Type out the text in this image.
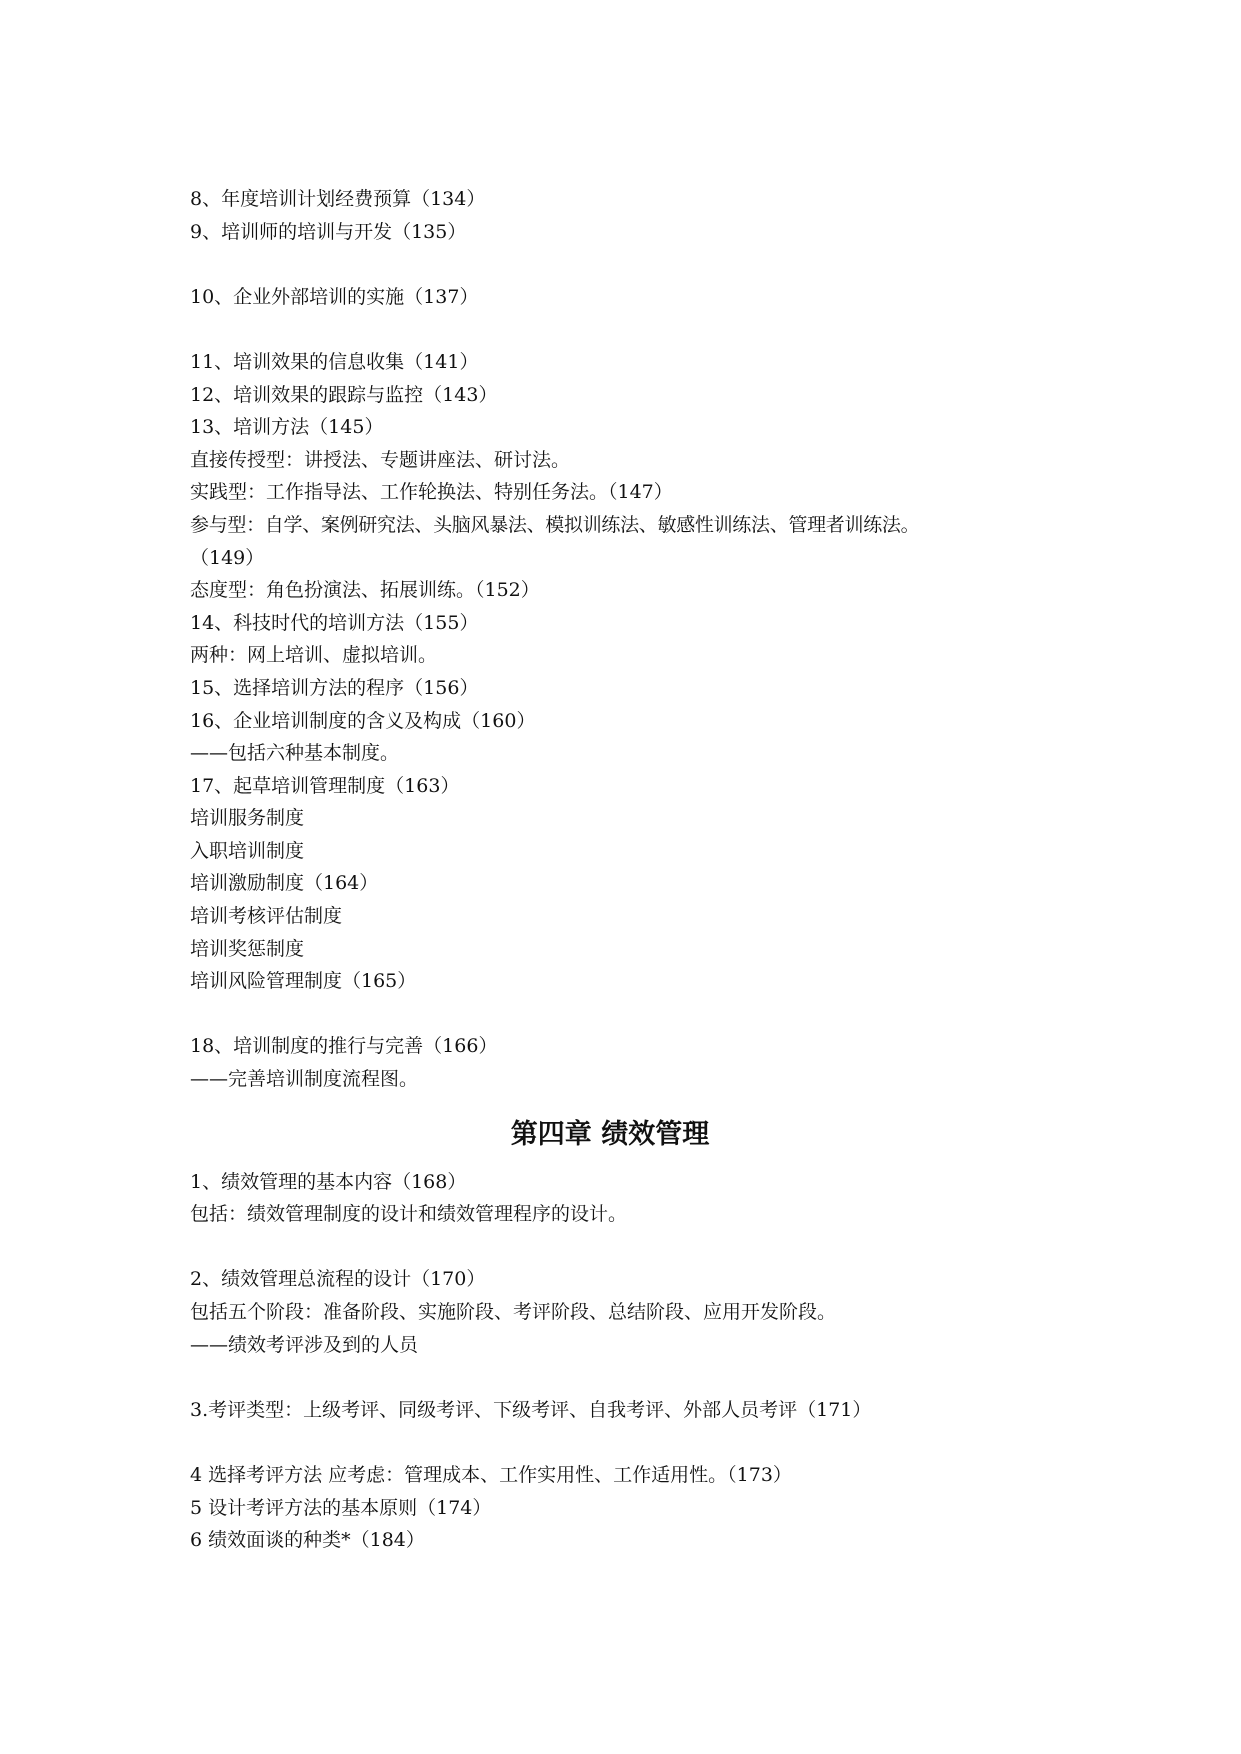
8、年度培训计划经费预算（134）

9、培训师的培训与开发（135）

10、企业外部培训的实施（137）

11、培训效果的信息收集（141）

12、培训效果的跟踪与监控（143）

13、培训方法（145）

直接传授型：讲授法、专题讲座法、研讨法。

实践型：工作指导法、工作轮换法、特别任务法。（147）

参与型：自学、案例研究法、头脑风暴法、模拟训练法、敏感性训练法、管理者训练法。

（149）

态度型：角色扮演法、拓展训练。（152）

14、科技时代的培训方法（155）

两种：网上培训、虚拟培训。

15、选择培训方法的程序（156）

16、企业培训制度的含义及构成（160）

——包括六种基本制度。

17、起草培训管理制度（163）

培训服务制度

入职培训制度

培训激励制度（164）

培训考核评估制度

培训奖惩制度

培训风险管理制度（165）

18、培训制度的推行与完善（166）

——完善培训制度流程图。

第四章 绩效管理

1、绩效管理的基本内容（168）

包括：绩效管理制度的设计和绩效管理程序的设计。

2、绩效管理总流程的设计（170）

包括五个阶段：准备阶段、实施阶段、考评阶段、总结阶段、应用开发阶段。

——绩效考评涉及到的人员

3.考评类型：上级考评、同级考评、下级考评、自我考评、外部人员考评（171）

4 选择考评方法 应考虑：管理成本、工作实用性、工作适用性。（173）

5 设计考评方法的基本原则（174）

6 绩效面谈的种类*（184）
